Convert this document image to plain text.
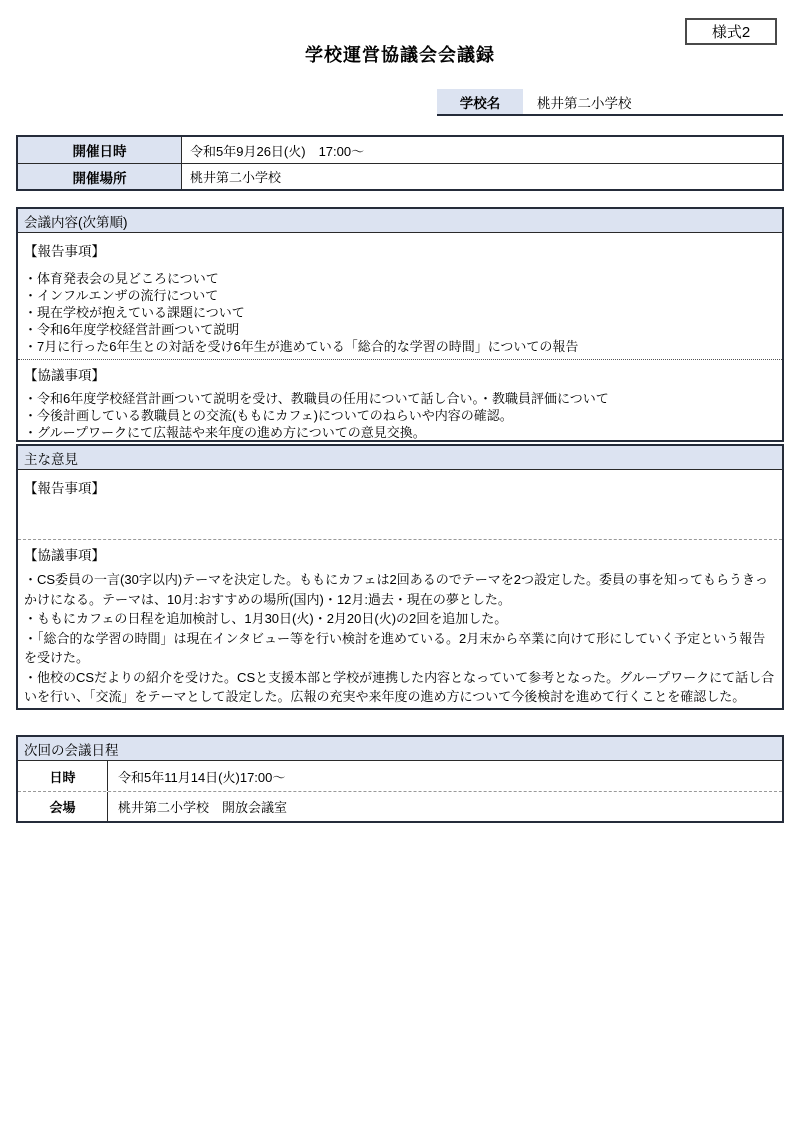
様式2
学校運営協議会会議録
学校名	桃井第二小学校
開催日時	令和5年9月26日(火)　17:00～
開催場所	桃井第二小学校
会議内容(次第順)
【報告事項】
・体育発表会の見どころについて
・インフルエンザの流行について
・現在学校が抱えている課題について
・令和6年度学校経営計画ついて説明
・7月に行った6年生との対話を受け6年生が進めている「総合的な学習の時間」についての報告
【協議事項】
・令和6年度学校経営計画ついて説明を受け、教職員の任用について話し合い。・教職員評価について
・今後計画している教職員との交流(ももにカフェ)についてのねらいや内容の確認。
・グループワークにて広報誌や来年度の進め方についての意見交換。
主な意見
【報告事項】
【協議事項】
・CS委員の一言(30字以内)テーマを決定した。ももにカフェは2回あるのでテーマを2つ設定した。委員の事を知ってもらうきっかけになる。テーマは、10月:おすすめの場所(国内)・12月:過去・現在の夢とした。
・ももにカフェの日程を追加検討し、1月30日(火)・2月20日(火)の2回を追加した。
・「総合的な学習の時間」は現在インタビュー等を行い検討を進めている。2月末から卒業に向けて形にしていく予定という報告を受けた。
・他校のCSだよりの紹介を受けた。CSと支援本部と学校が連携した内容となっていて参考となった。グループワークにて話し合いを行い、「交流」をテーマとして設定した。広報の充実や来年度の進め方について今後検討を進めて行くことを確認した。
次回の会議日程
日時	令和5年11月14日(火)17:00～
会場	桃井第二小学校　開放会議室
